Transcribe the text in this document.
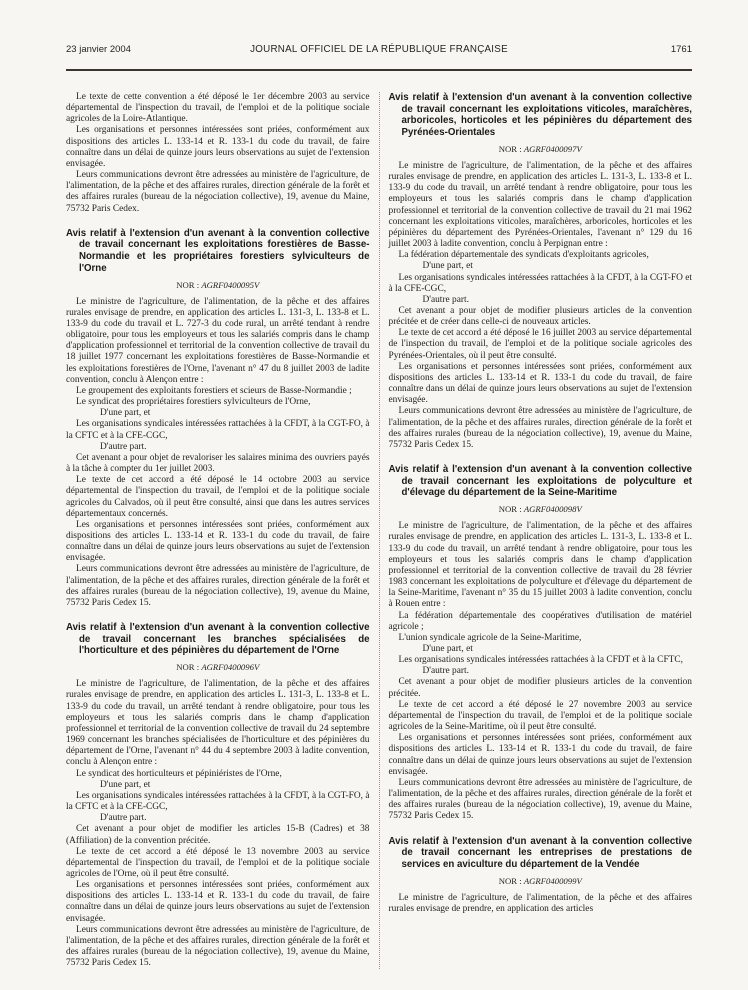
23 janvier 2004	JOURNAL OFFICIEL DE LA RÉPUBLIQUE FRANÇAISE	1761

Le texte de cette convention a été déposé le 1er décembre 2003 au service départemental de l'inspection du travail, de l'emploi et de la politique sociale agricoles de la Loire-Atlantique.

Les organisations et personnes intéressées sont priées, conformément aux dispositions des articles L. 133-14 et R. 133-1 du code du travail, de faire connaître dans un délai de quinze jours leurs observations au sujet de l'extension envisagée.

Leurs communications devront être adressées au ministère de l'agriculture, de l'alimentation, de la pêche et des affaires rurales, direction générale de la forêt et des affaires rurales (bureau de la négociation collective), 19, avenue du Maine, 75732 Paris Cedex.

Avis relatif à l'extension d'un avenant à la convention collective de travail concernant les exploitations forestières de Basse-Normandie et les propriétaires forestiers sylviculteurs de l'Orne
NOR : AGRF0400095V

Le ministre de l'agriculture, de l'alimentation, de la pêche et des affaires rurales envisage de prendre, en application des articles L. 131-3, L. 133-8 et L. 133-9 du code du travail et L. 727-3 du code rural, un arrêté tendant à rendre obligatoire, pour tous les employeurs et tous les salariés compris dans le champ d'application professionnel et territorial de la convention collective de travail du 18 juillet 1977 concernant les exploitations forestières de Basse-Normandie et les exploitations forestières de l'Orne, l'avenant n° 47 du 8 juillet 2003 de ladite convention, conclu à Alençon entre :

Le groupement des exploitants forestiers et scieurs de Basse-Normandie ;

Le syndicat des propriétaires forestiers sylviculteurs de l'Orne,

D'une part, et

Les organisations syndicales intéressées rattachées à la CFDT, à la CGT-FO, à la CFTC et à la CFE-CGC,

D'autre part.

Cet avenant a pour objet de revaloriser les salaires minima des ouvriers payés à la tâche à compter du 1er juillet 2003.

Le texte de cet accord a été déposé le 14 octobre 2003 au service départemental de l'inspection du travail, de l'emploi et de la politique sociale agricoles du Calvados, où il peut être consulté, ainsi que dans les autres services départementaux concernés.

Les organisations et personnes intéressées sont priées, conformément aux dispositions des articles L. 133-14 et R. 133-1 du code du travail, de faire connaître dans un délai de quinze jours leurs observations au sujet de l'extension envisagée.

Leurs communications devront être adressées au ministère de l'agriculture, de l'alimentation, de la pêche et des affaires rurales, direction générale de la forêt et des affaires rurales (bureau de la négociation collective), 19, avenue du Maine, 75732 Paris Cedex 15.

Avis relatif à l'extension d'un avenant à la convention collective de travail concernant les branches spécialisées de l'horticulture et des pépinières du département de l'Orne
NOR : AGRF0400096V

Le ministre de l'agriculture, de l'alimentation, de la pêche et des affaires rurales envisage de prendre, en application des articles L. 131-3, L. 133-8 et L. 133-9 du code du travail, un arrêté tendant à rendre obligatoire, pour tous les employeurs et tous les salariés compris dans le champ d'application professionnel et territorial de la convention collective de travail du 24 septembre 1969 concernant les branches spécialisées de l'horticulture et des pépinières du département de l'Orne, l'avenant n° 44 du 4 septembre 2003 à ladite convention, conclu à Alençon entre :

Le syndicat des horticulteurs et pépiniéristes de l'Orne,

D'une part, et

Les organisations syndicales intéressées rattachées à la CFDT, à la CGT-FO, à la CFTC et à la CFE-CGC,

D'autre part.

Cet avenant a pour objet de modifier les articles 15-B (Cadres) et 38 (Affiliation) de la convention précitée.

Le texte de cet accord a été déposé le 13 novembre 2003 au service départemental de l'inspection du travail, de l'emploi et de la politique sociale agricoles de l'Orne, où il peut être consulté.

Les organisations et personnes intéressées sont priées, conformément aux dispositions des articles L. 133-14 et R. 133-1 du code du travail, de faire connaître dans un délai de quinze jours leurs observations au sujet de l'extension envisagée.

Leurs communications devront être adressées au ministère de l'agriculture, de l'alimentation, de la pêche et des affaires rurales, direction générale de la forêt et des affaires rurales (bureau de la négociation collective), 19, avenue du Maine, 75732 Paris Cedex 15.

Avis relatif à l'extension d'un avenant à la convention collective de travail concernant les exploitations viticoles, maraîchères, arboricoles, horticoles et les pépinières du département des Pyrénées-Orientales
NOR : AGRF0400097V

Le ministre de l'agriculture, de l'alimentation, de la pêche et des affaires rurales envisage de prendre, en application des articles L. 131-3, L. 133-8 et L. 133-9 du code du travail, un arrêté tendant à rendre obligatoire, pour tous les employeurs et tous les salariés compris dans le champ d'application professionnel et territorial de la convention collective de travail du 21 mai 1962 concernant les exploitations viticoles, maraîchères, arboricoles, horticoles et les pépinières du département des Pyrénées-Orientales, l'avenant n° 129 du 16 juillet 2003 à ladite convention, conclu à Perpignan entre :

La fédération départementale des syndicats d'exploitants agricoles,

D'une part, et

Les organisations syndicales intéressées rattachées à la CFDT, à la CGT-FO et à la CFE-CGC,

D'autre part.

Cet avenant a pour objet de modifier plusieurs articles de la convention précitée et de créer dans celle-ci de nouveaux articles.

Le texte de cet accord a été déposé le 16 juillet 2003 au service départemental de l'inspection du travail, de l'emploi et de la politique sociale agricoles des Pyrénées-Orientales, où il peut être consulté.

Les organisations et personnes intéressées sont priées, conformément aux dispositions des articles L. 133-14 et R. 133-1 du code du travail, de faire connaître dans un délai de quinze jours leurs observations au sujet de l'extension envisagée.

Leurs communications devront être adressées au ministère de l'agriculture, de l'alimentation, de la pêche et des affaires rurales, direction générale de la forêt et des affaires rurales (bureau de la négociation collective), 19, avenue du Maine, 75732 Paris Cedex 15.

Avis relatif à l'extension d'un avenant à la convention collective de travail concernant les exploitations de polyculture et d'élevage du département de la Seine-Maritime
NOR : AGRF0400098V

Le ministre de l'agriculture, de l'alimentation, de la pêche et des affaires rurales envisage de prendre, en application des articles L. 131-3, L. 133-8 et L. 133-9 du code du travail, un arrêté tendant à rendre obligatoire, pour tous les employeurs et tous les salariés compris dans le champ d'application professionnel et territorial de la convention collective de travail du 28 février 1983 concernant les exploitations de polyculture et d'élevage du département de la Seine-Maritime, l'avenant n° 35 du 15 juillet 2003 à ladite convention, conclu à Rouen entre :

La fédération départementale des coopératives d'utilisation de matériel agricole ;

L'union syndicale agricole de la Seine-Maritime,

D'une part, et

Les organisations syndicales intéressées rattachées à la CFDT et à la CFTC,

D'autre part.

Cet avenant a pour objet de modifier plusieurs articles de la convention précitée.

Le texte de cet accord a été déposé le 27 novembre 2003 au service départemental de l'inspection du travail, de l'emploi et de la politique sociale agricoles de la Seine-Maritime, où il peut être consulté.

Les organisations et personnes intéressées sont priées, conformément aux dispositions des articles L. 133-14 et R. 133-1 du code du travail, de faire connaître dans un délai de quinze jours leurs observations au sujet de l'extension envisagée.

Leurs communications devront être adressées au ministère de l'agriculture, de l'alimentation, de la pêche et des affaires rurales, direction générale de la forêt et des affaires rurales (bureau de la négociation collective), 19, avenue du Maine, 75732 Paris Cedex 15.

Avis relatif à l'extension d'un avenant à la convention collective de travail concernant les entreprises de prestations de services en aviculture du département de la Vendée
NOR : AGRF0400099V

Le ministre de l'agriculture, de l'alimentation, de la pêche et des affaires rurales envisage de prendre, en application des articles
